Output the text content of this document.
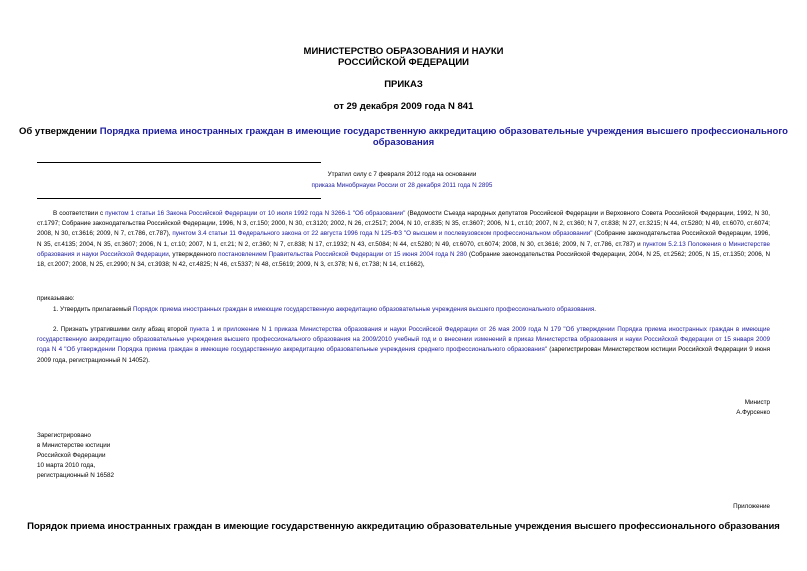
МИНИСТЕРСТВО ОБРАЗОВАНИЯ И НАУКИ
РОССИЙСКОЙ ФЕДЕРАЦИИ
ПРИКАЗ
от 29 декабря 2009 года N 841
Об утверждении Порядка приема иностранных граждан в имеющие государственную аккредитацию образовательные учреждения высшего профессионального
образования
Утратил силу с 7 февраля 2012 года на основании
приказа Минобрнауки России от 28 декабря 2011 года N 2895
В соответствии с пунктом 1 статьи 16 Закона Российской Федерации от 10 июля 1992 года N 3266-1 "Об образовании" (Ведомости Съезда народных депутатов Российской Федерации и Верховного Совета Российской Федерации, 1992, N 30, ст.1797; Собрание законодательства Российской Федерации, 1996, N 3, ст.150; 2000, N 30, ст.3120; 2002, N 26, ст.2517; 2004, N 10, ст.835; N 35, ст.3607; 2006, N 1, ст.10; 2007, N 2, ст.360; N 7, ст.838; N 27, ст.3215; N 44, ст.5280; N 49, ст.6070, ст.6074; 2008, N 30, ст.3616; 2009, N 7, ст.786, ст.787), пунктом 3.4 статьи 11 Федерального закона от 22 августа 1996 года N 125-ФЗ "О высшем и послевузовском профессиональном образовании" (Собрание законодательства Российской Федерации, 1996, N 35, ст.4135; 2004, N 35, ст.3607; 2006, N 1, ст.10; 2007, N 1, ст.21; N 2, ст.360; N 7, ст.838; N 17, ст.1932; N 43, ст.5084; N 44, ст.5280; N 49, ст.6070, ст.6074; 2008, N 30, ст.3616; 2009, N 7, ст.786, ст.787) и пунктом 5.2.13 Положения о Министерстве образования и науки Российской Федерации, утвержденного постановлением Правительства Российской Федерации от 15 июня 2004 года N 280 (Собрание законодательства Российской Федерации, 2004, N 25, ст.2562; 2005, N 15, ст.1350; 2006, N 18, ст.2007; 2008, N 25, ст.2990; N 34, ст.3938; N 42, ст.4825; N 46, ст.5337; N 48, ст.5619; 2009, N 3, ст.378; N 6, ст.738; N 14, ст.1662),
приказываю:
1. Утвердить прилагаемый Порядок приема иностранных граждан в имеющие государственную аккредитацию образовательные учреждения высшего профессионального образования.
2. Признать утратившими силу абзац второй пункта 1 и приложение N 1 приказа Министерства образования и науки Российской Федерации от 26 мая 2009 года N 179 "Об утверждении Порядка приема иностранных граждан в имеющие государственную аккредитацию образовательные учреждения высшего профессионального образования на 2009/2010 учебный год и о внесении изменений в приказ Министерства образования и науки Российской Федерации от 15 января 2009 года N 4 "Об утверждении Порядка приема граждан в имеющие государственную аккредитацию образовательные учреждения среднего профессионального образования" (зарегистрирован Министерством юстиции Российской Федерации 9 июня 2009 года, регистрационный N 14052).
Министр
А.Фурсенко
Зарегистрировано
в Министерстве юстиции
Российской Федерации
10 марта 2010 года,
регистрационный N 16582
Приложение
Порядок приема иностранных граждан в имеющие государственную аккредитацию образовательные учреждения высшего профессионального образования
